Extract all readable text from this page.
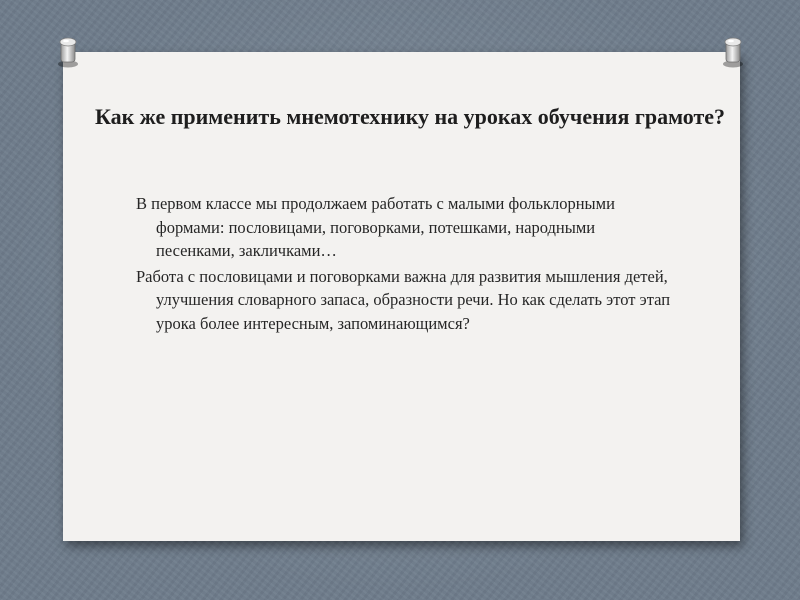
Как же применить мнемотехнику на уроках обучения грамоте?

В первом классе мы продолжаем работать с малыми фольклорными формами: пословицами, поговорками, потешками, народными песенками, закличками…

Работа с пословицами и поговорками важна для развития мышления детей, улучшения словарного запаса, образности речи. Но как сделать этот этап урока более интересным, запоминающимся?
